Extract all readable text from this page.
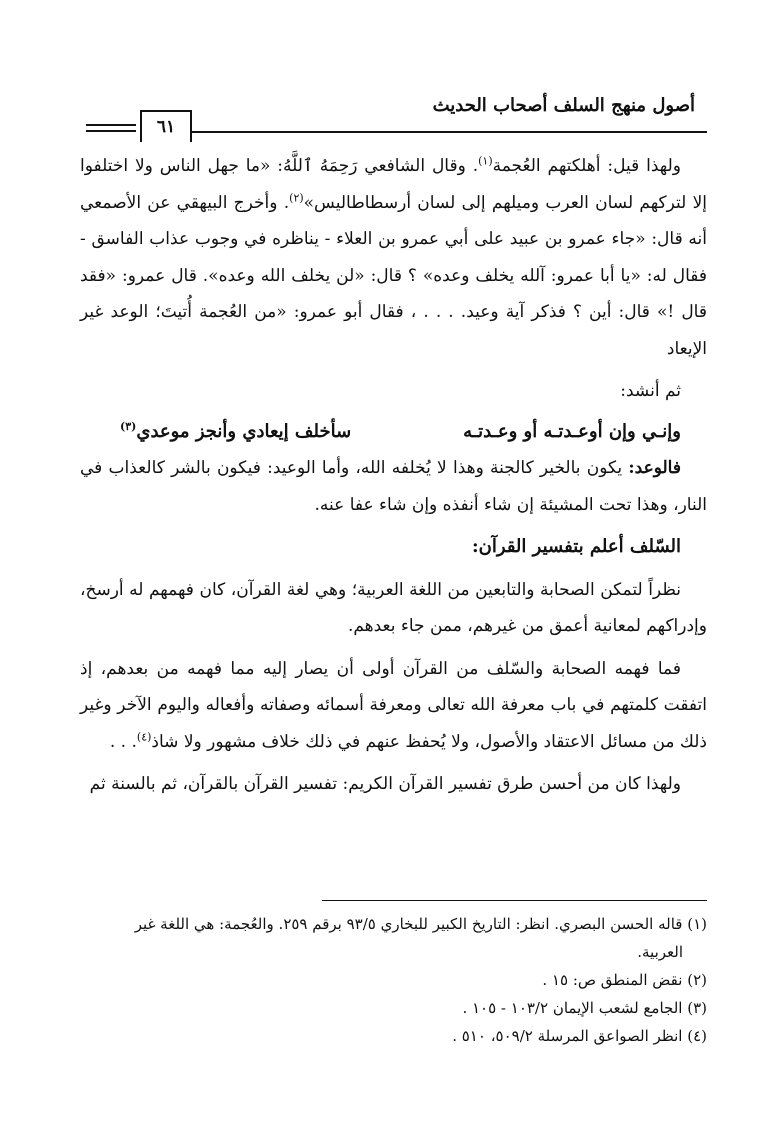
أصول منهج السلف أصحاب الحديث
٦١

ولهذا قيل: أهلكتهم العُجمة$^{(١)}$. وقال الشافعي رَحِمَهُ ٱللَّهُ: «ما جهل الناس ولا اختلفوا إلا لتركهم لسان العرب وميلهم إلى لسان أرسطاطاليس»$^{(٢)}$. وأخرج البيهقي عن الأصمعي أنه قال: «جاء عمرو بن عبيد على أبي عمرو بن العلاء - يناظره في وجوب عذاب الفاسق - فقال له: «يا أبا عمرو: آلله يخلف وعده» ؟ قال: «لن يخلف الله وعده». قال عمرو: «فقد قال !» قال: أين ؟ فذكر آية وعيد. . . . ، فقال أبو عمرو: «من العُجمة أُتيتَ؛ الوعد غير الإيعاد

ثم أنشد:

وإنـي وإن أوعـدتـه أو وعـدتـه
سأخلف إيعادي وأنجز موعدي$^{(٣)}$

فالوعد: يكون بالخير كالجنة وهذا لا يُخلفه الله، وأما الوعيد: فيكون بالشر كالعذاب في النار، وهذا تحت المشيئة إن شاء أنفذه وإن شاء عفا عنه.

السّلف أعلم بتفسير القرآن:

نظراً لتمكن الصحابة والتابعين من اللغة العربية؛ وهي لغة القرآن، كان فهمهم له أرسخ، وإدراكهم لمعانية أعمق من غيرهم، ممن جاء بعدهم.

فما فهمه الصحابة والسّلف من القرآن أولى أن يصار إليه مما فهمه من بعدهم، إذ اتفقت كلمتهم في باب معرفة الله تعالى ومعرفة أسمائه وصفاته وأفعاله واليوم الآخر وغير ذلك من مسائل الاعتقاد والأصول، ولا يُحفظ عنهم في ذلك خلاف مشهور ولا شاذ$^{(٤)}$. . .

ولهذا كان من أحسن طرق تفسير القرآن الكريم: تفسير القرآن بالقرآن، ثم بالسنة ثم

(١) قاله الحسن البصري. انظر: التاريخ الكبير للبخاري ٩٣/٥ برقم ٢٥٩. والعُجمة: هي اللغة غير

العربية.

(٢) نقض المنطق ص: ١٥ .

(٣) الجامع لشعب الإيمان ١٠٣/٢ - ١٠٥ .

(٤) انظر الصواعق المرسلة ٥٠٩/٢، ٥١٠ .
